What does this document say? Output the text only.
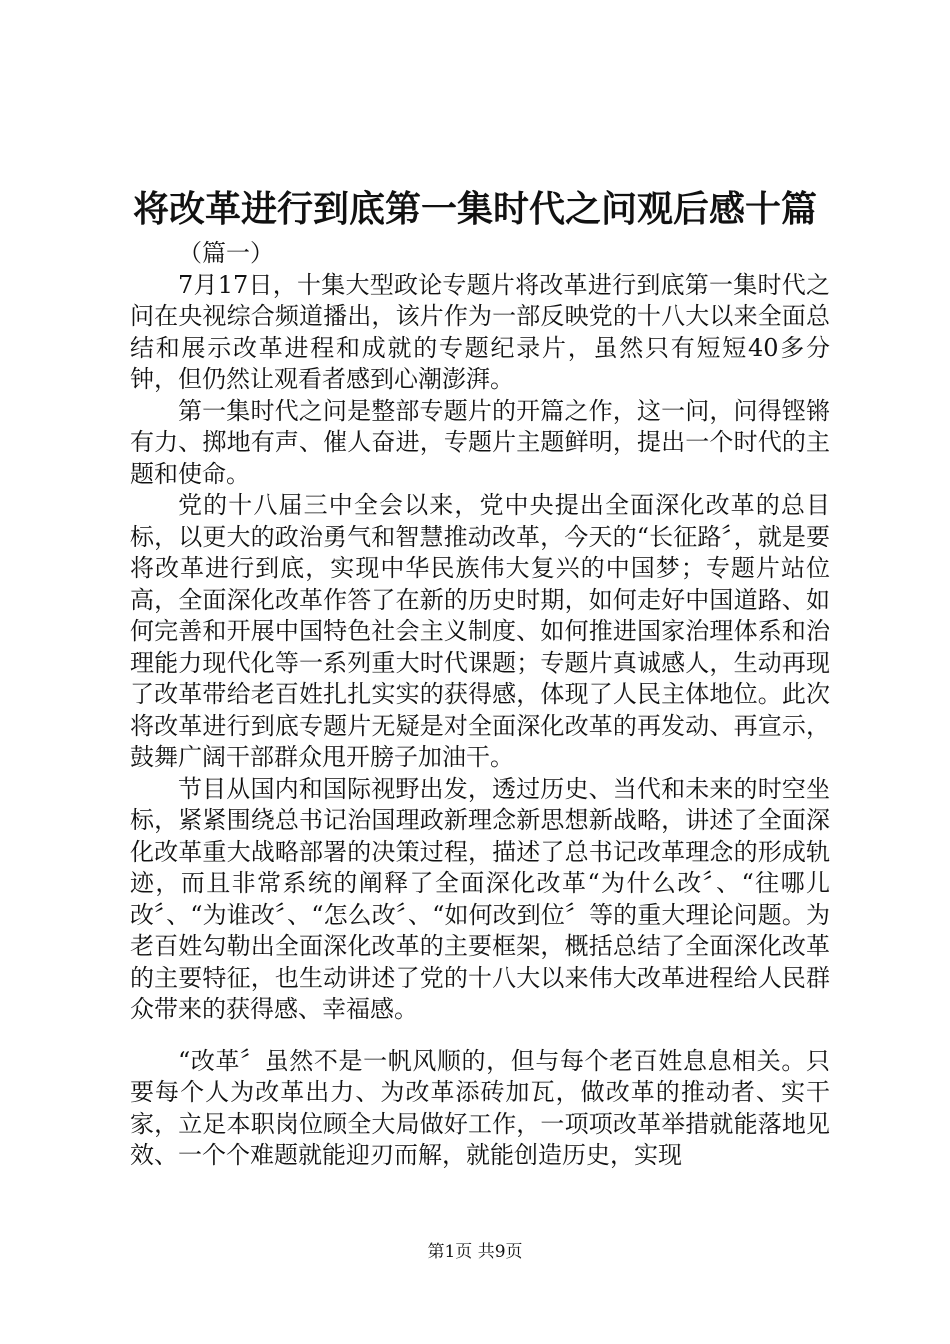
将改革进行到底第一集时代之问观后感十篇

（篇一）

7月17日，十集大型政论专题片将改革进行到底第一集时代之问在央视综合频道播出，该片作为一部反映党的十八大以来全面总结和展示改革进程和成就的专题纪录片，虽然只有短短40多分钟，但仍然让观看者感到心潮澎湃。

第一集时代之问是整部专题片的开篇之作，这一问，问得铿锵有力、掷地有声、催人奋进，专题片主题鲜明，提出一个时代的主题和使命。

党的十八届三中全会以来，党中央提出全面深化改革的总目标，以更大的政治勇气和智慧推动改革，今天的“长征路〞，就是要将改革进行到底，实现中华民族伟大复兴的中国梦；专题片站位高，全面深化改革作答了在新的历史时期，如何走好中国道路、如何完善和开展中国特色社会主义制度、如何推进国家治理体系和治理能力现代化等一系列重大时代课题；专题片真诚感人，生动再现了改革带给老百姓扎扎实实的获得感，体现了人民主体地位。此次将改革进行到底专题片无疑是对全面深化改革的再发动、再宣示，鼓舞广阔干部群众甩开膀子加油干。

节目从国内和国际视野出发，透过历史、当代和未来的时空坐标，紧紧围绕总书记治国理政新理念新思想新战略，讲述了全面深化改革重大战略部署的决策过程，描述了总书记改革理念的形成轨迹，而且非常系统的阐释了全面深化改革“为什么改〞、“往哪儿改〞、“为谁改〞、“怎么改〞、“如何改到位〞等的重大理论问题。为老百姓勾勒出全面深化改革的主要框架，概括总结了全面深化改革的主要特征，也生动讲述了党的十八大以来伟大改革进程给人民群众带来的获得感、幸福感。

“改革〞虽然不是一帆风顺的，但与每个老百姓息息相关。只要每个人为改革出力、为改革添砖加瓦，做改革的推动者、实干家，立足本职岗位顾全大局做好工作，一项项改革举措就能落地见效、一个个难题就能迎刃而解，就能创造历史，实现

第1页 共9页
